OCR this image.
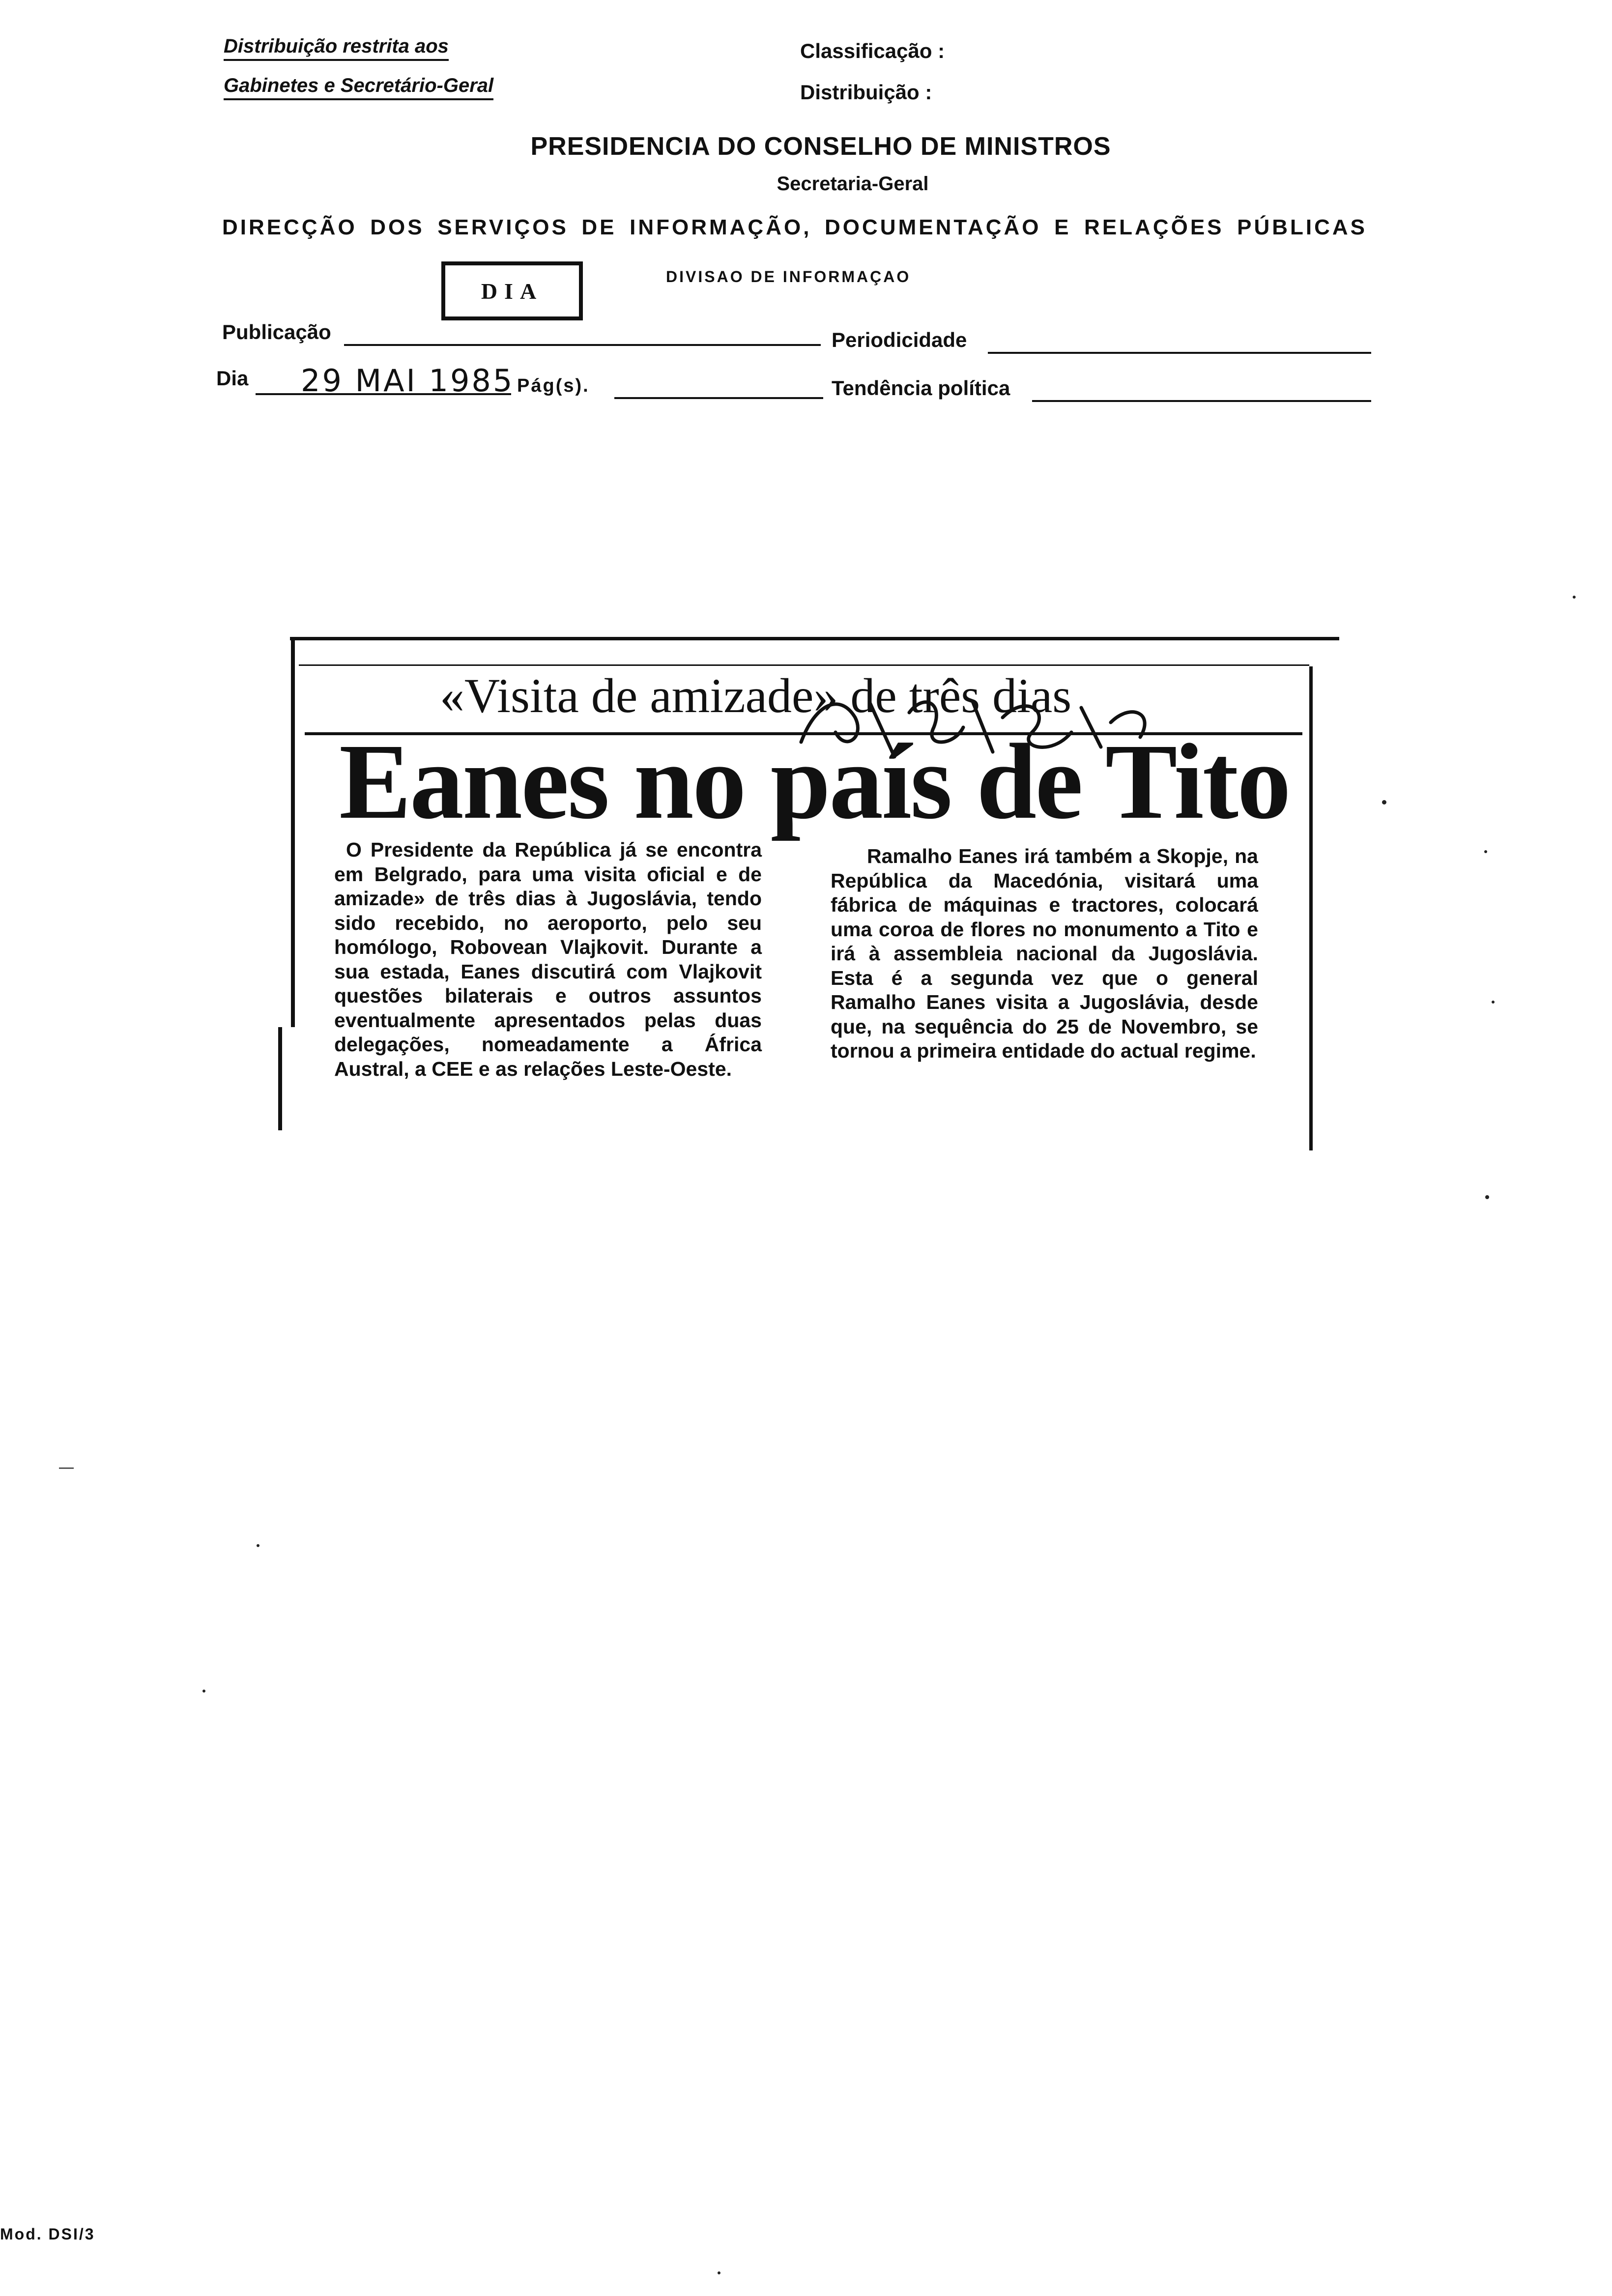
Distribuição restrita aos
Gabinetes e Secretário-Geral
Classificação :
Distribuição :
PRESIDENCIA DO CONSELHO DE MINISTROS
Secretaria-Geral
DIRECÇÃO DOS SERVIÇOS DE INFORMAÇÃO, DOCUMENTAÇÃO E RELAÇÕES PÚBLICAS
DIA
DIVISAO DE INFORMAÇAO
Publicação	Periodicidade
Dia 29 MAI 1985 Pág(s).	Tendência política
«Visita de amizade» de três dias
Eanes no país de Tito
O Presidente da República já se encontra em Belgrado, para uma visita oficial e de amizade» de três dias à Jugoslávia, tendo sido recebido, no aeroporto, pelo seu homólogo, Robovean Vlajkovit. Durante a sua estada, Eanes discutirá com Vlajkovit questões bilaterais e outros assuntos eventualmente apresentados pelas duas delegações, nomeadamente a África Austral, a CEE e as relações Leste-Oeste.
Ramalho Eanes irá também a Skopje, na República da Macedónia, visitará uma fábrica de máquinas e tractores, colocará uma coroa de flores no monumento a Tito e irá à assembleia nacional da Jugoslávia. Esta é a segunda vez que o general Ramalho Eanes visita a Jugoslávia, desde que, na sequência do 25 de Novembro, se tornou a primeira entidade do actual regime.
Mod. DSI/3
